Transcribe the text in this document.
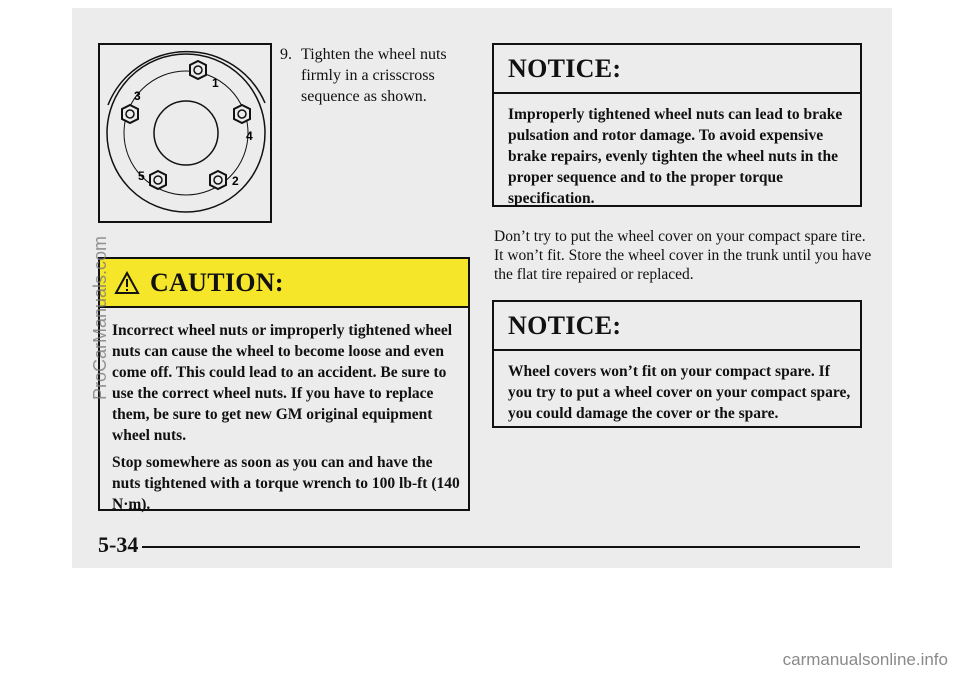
1
2
3
4
5
9. Tighten the wheel nuts firmly in a crisscross sequence as shown.
CAUTION:

Incorrect wheel nuts or improperly tightened wheel nuts can cause the wheel to become loose and even come off. This could lead to an accident. Be sure to use the correct wheel nuts. If you have to replace them, be sure to get new GM original equipment wheel nuts.

Stop somewhere as soon as you can and have the nuts tightened with a torque wrench to 100 lb-ft (140 N·m).

NOTICE:

Improperly tightened wheel nuts can lead to brake pulsation and rotor damage. To avoid expensive brake repairs, evenly tighten the wheel nuts in the proper sequence and to the proper torque specification.

Don’t try to put the wheel cover on your compact spare tire. It won’t fit. Store the wheel cover in the trunk until you have the flat tire repaired or replaced.
NOTICE:

Wheel covers won’t fit on your compact spare. If you try to put a wheel cover on your compact spare, you could damage the cover or the spare.

5-34
ProCarManuals.com
carmanualsonline.info
